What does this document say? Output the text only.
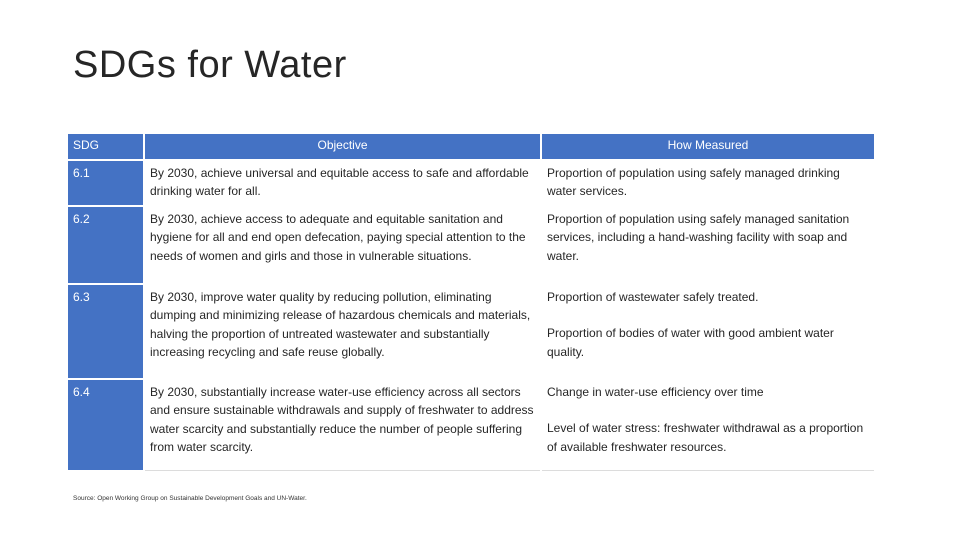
SDGs for Water
SDG	Objective	How Measured
6.1	By 2030, achieve universal and equitable access to safe and affordable drinking water for all.	Proportion of population using safely managed drinking water services.

6.2	By 2030, achieve access to adequate and equitable sanitation and hygiene for all and end open defecation, paying special attention to the needs of women and girls and those in vulnerable situations.	Proportion of population using safely managed sanitation services, including a hand-washing facility with soap and water.

6.3	By 2030, improve water quality by reducing pollution, eliminating dumping and minimizing release of hazardous chemicals and materials, halving the proportion of untreated wastewater and substantially increasing recycling and safe reuse globally.	Proportion of wastewater safely treated.
Proportion of bodies of water with good ambient water quality.

6.4	By 2030, substantially increase water-use efficiency across all sectors and ensure sustainable withdrawals and supply of freshwater to address water scarcity and substantially reduce the number of people suffering from water scarcity.	Change in water-use efficiency over time
Level of water stress: freshwater withdrawal as a proportion of available freshwater resources.
Source: Open Working Group on Sustainable Development Goals and UN-Water.
